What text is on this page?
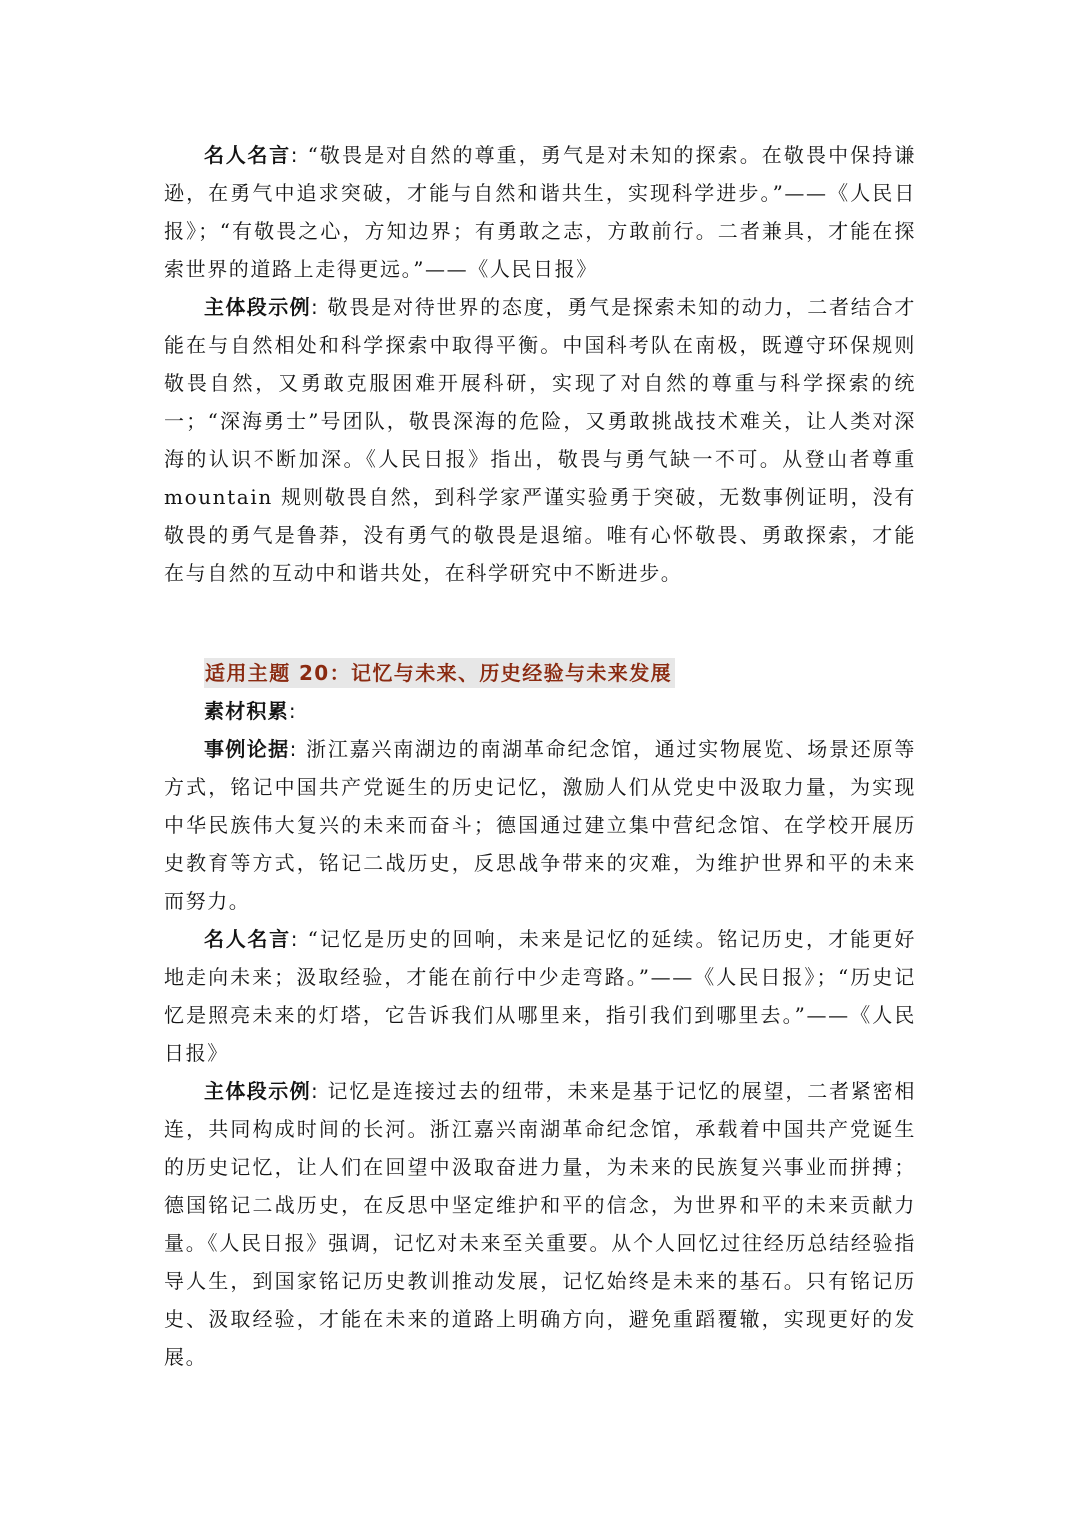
名人名言: “敬畏是对自然的尊重，勇气是对未知的探索。在敬畏中保持谦逊，在勇气中追求突破，才能与自然和谐共生，实现科学进步。”——《人民日报》；“有敬畏之心，方知边界；有勇敢之志，方敢前行。二者兼具，才能在探索世界的道路上走得更远。”——《人民日报》

主体段示例: 敬畏是对待世界的态度，勇气是探索未知的动力，二者结合才能在与自然相处和科学探索中取得平衡。中国科考队在南极，既遵守环保规则敬畏自然，又勇敢克服困难开展科研，实现了对自然的尊重与科学探索的统一；“深海勇士”号团队，敬畏深海的危险，又勇敢挑战技术难关，让人类对深海的认识不断加深。《人民日报》指出，敬畏与勇气缺一不可。从登山者尊重mountain 规则敬畏自然，到科学家严谨实验勇于突破，无数事例证明，没有敬畏的勇气是鲁莽，没有勇气的敬畏是退缩。唯有心怀敬畏、勇敢探索，才能在与自然的互动中和谐共处，在科学研究中不断进步。

适用主题 20：记忆与未来、历史经验与未来发展

素材积累:

事例论据: 浙江嘉兴南湖边的南湖革命纪念馆，通过实物展览、场景还原等方式，铭记中国共产党诞生的历史记忆，激励人们从党史中汲取力量，为实现中华民族伟大复兴的未来而奋斗；德国通过建立集中营纪念馆、在学校开展历史教育等方式，铭记二战历史，反思战争带来的灾难，为维护世界和平的未来而努力。

名人名言: “记忆是历史的回响，未来是记忆的延续。铭记历史，才能更好地走向未来；汲取经验，才能在前行中少走弯路。”——《人民日报》；“历史记忆是照亮未来的灯塔，它告诉我们从哪里来，指引我们到哪里去。”——《人民日报》

主体段示例: 记忆是连接过去的纽带，未来是基于记忆的展望，二者紧密相连，共同构成时间的长河。浙江嘉兴南湖革命纪念馆，承载着中国共产党诞生的历史记忆，让人们在回望中汲取奋进力量，为未来的民族复兴事业而拼搏；德国铭记二战历史，在反思中坚定维护和平的信念，为世界和平的未来贡献力量。《人民日报》强调，记忆对未来至关重要。从个人回忆过往经历总结经验指导人生，到国家铭记历史教训推动发展，记忆始终是未来的基石。只有铭记历史、汲取经验，才能在未来的道路上明确方向，避免重蹈覆辙，实现更好的发展。
